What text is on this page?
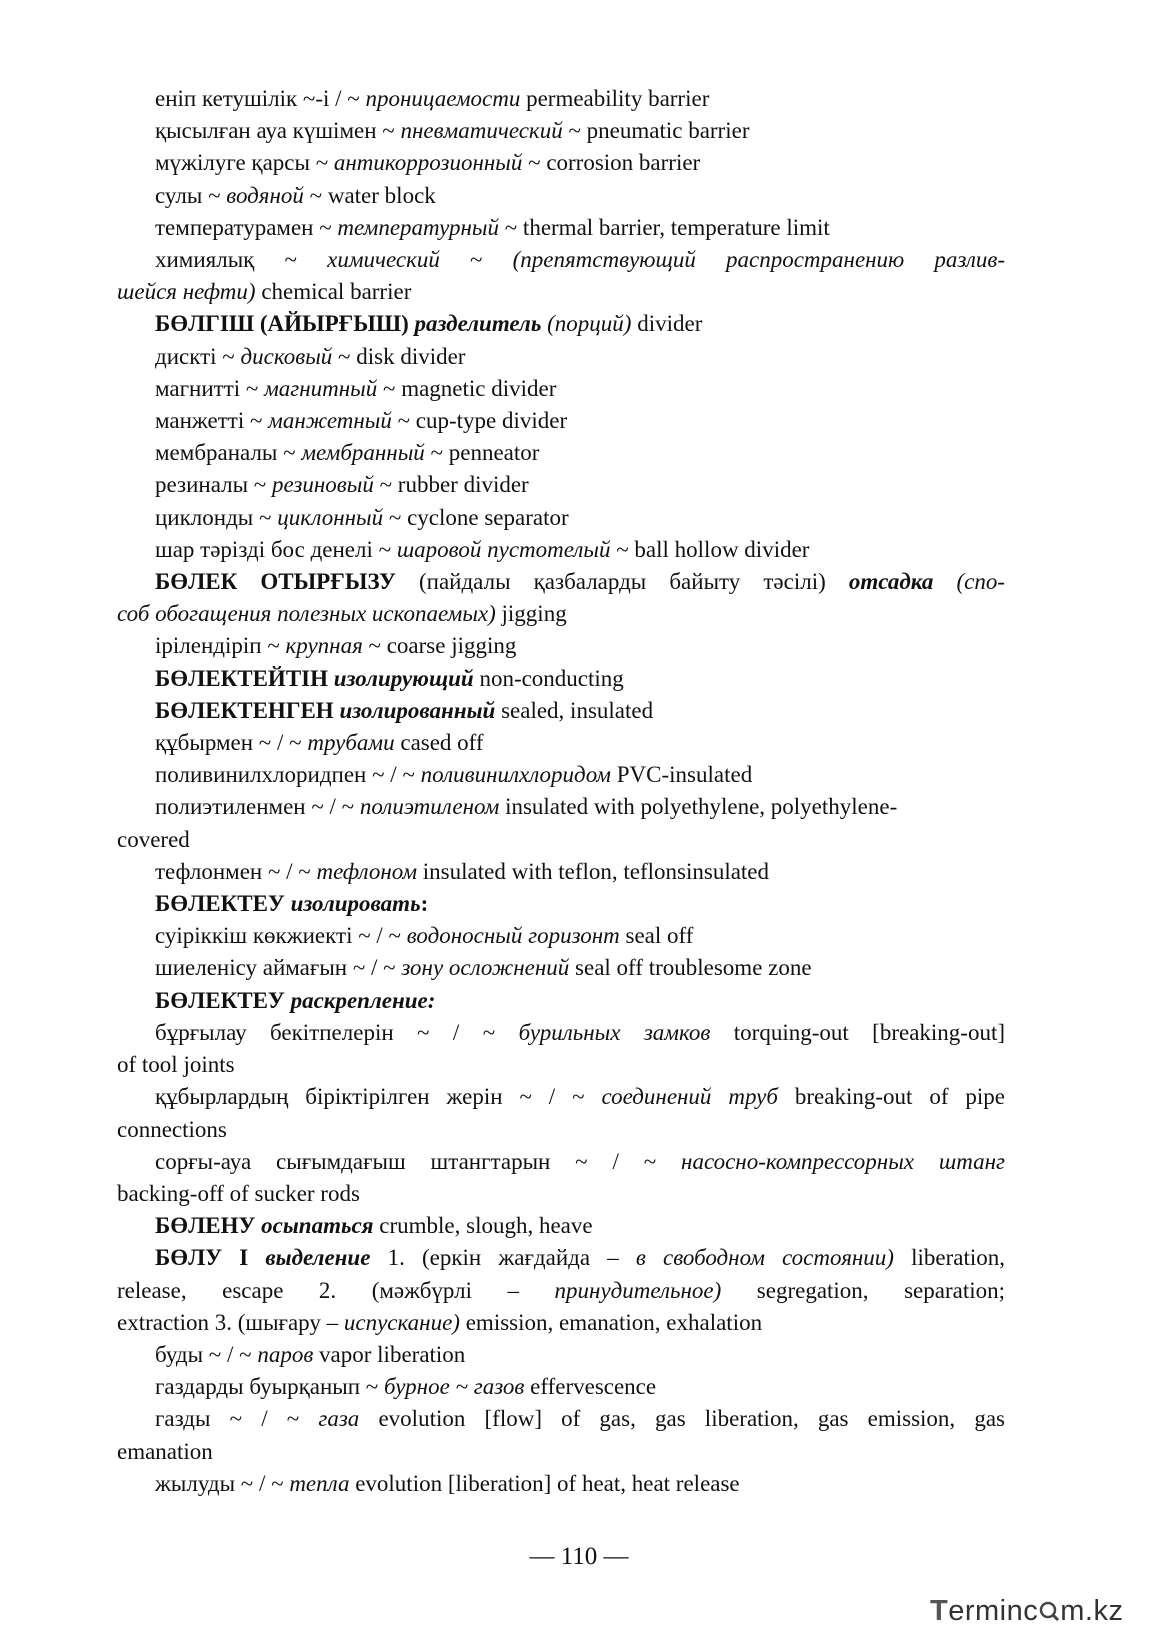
еніп кетушілік ~-і / ~ проницаемости permeability barrier
қысылған ауа күшімен ~ пневматический ~ pneumatic barrier
мүжілуге қарсы ~ антикоррозионный ~ corrosion barrier
сулы ~ водяной ~ water block
температурамен ~ температурный ~ thermal barrier, temperature limit
химиялық ~ химический ~ (препятствующий распространению разлив-
шейся нефти) chemical barrier
БӨЛГІШ (АЙЫРҒЫШ) разделитель (порций) divider
дискті ~ дисковый ~ disk divider
магнитті ~ магнитный ~ magnetic divider
манжетті ~ манжетный ~ cup-type divider
мембраналы ~ мембранный ~ penneator
резиналы ~ резиновый ~ rubber divider
циклонды ~ циклонный ~ cyclone separator
шар тәрізді бос денелі ~ шаровой пустотелый ~ ball hollow divider
БӨЛЕК ОТЫРҒЫЗУ (пайдалы қазбаларды байыту тәсілі) отсадка (спо-
соб обогащения полезных ископаемых) jigging
ірілендіріп ~ крупная ~ coarse jigging
БӨЛЕКТЕЙТІН изолирующий non-conducting
БӨЛЕКТЕНГЕН изолированный sealed, insulated
құбырмен ~ / ~ трубами cased off
поливинилхлоридпен ~ / ~ поливинилхлоридом PVC-insulated
полиэтиленмен ~ / ~ полиэтиленом insulated with polyethylene, polyethylene-
covered
тефлонмен ~ / ~ тефлоном insulated with teflon, teflonsinsulated
БӨЛЕКТЕУ изолировать:
суіріккіш көкжиекті ~ / ~ водоносный горизонт seal off
шиеленісу аймағын ~ / ~ зону осложнений seal off troublesome zone
БӨЛЕКТЕУ раскрепление:
бұрғылау бекітпелерін ~ / ~ бурильных замков torquing-out [breaking-out]
of tool joints
құбырлардың біріктірілген жерін ~ / ~ соединений труб breaking-out of pipe
connections
сорғы-ауа сығымдағыш штангтарын ~ / ~ насосно-компрессорных штанг
backing-off of sucker rods
БӨЛЕНУ осыпаться crumble, slough, heave
БӨЛУ І выделение 1. (еркін жағдайда – в свободном состоянии) liberation,
release, escape 2. (мәжбүрлі – принудительное) segregation, separation;
extraction 3. (шығару – испускание) emission, emanation, exhalation
буды ~ / ~ паров vapor liberation
газдарды буырқанып ~ бурное ~ газов effervescence
газды ~ / ~ газа evolution [flow] of gas, gas liberation, gas emission, gas
emanation
жылуды ~ / ~ тепла evolution [liberation] of heat, heat release
— 110 —
Terminc m.kz
